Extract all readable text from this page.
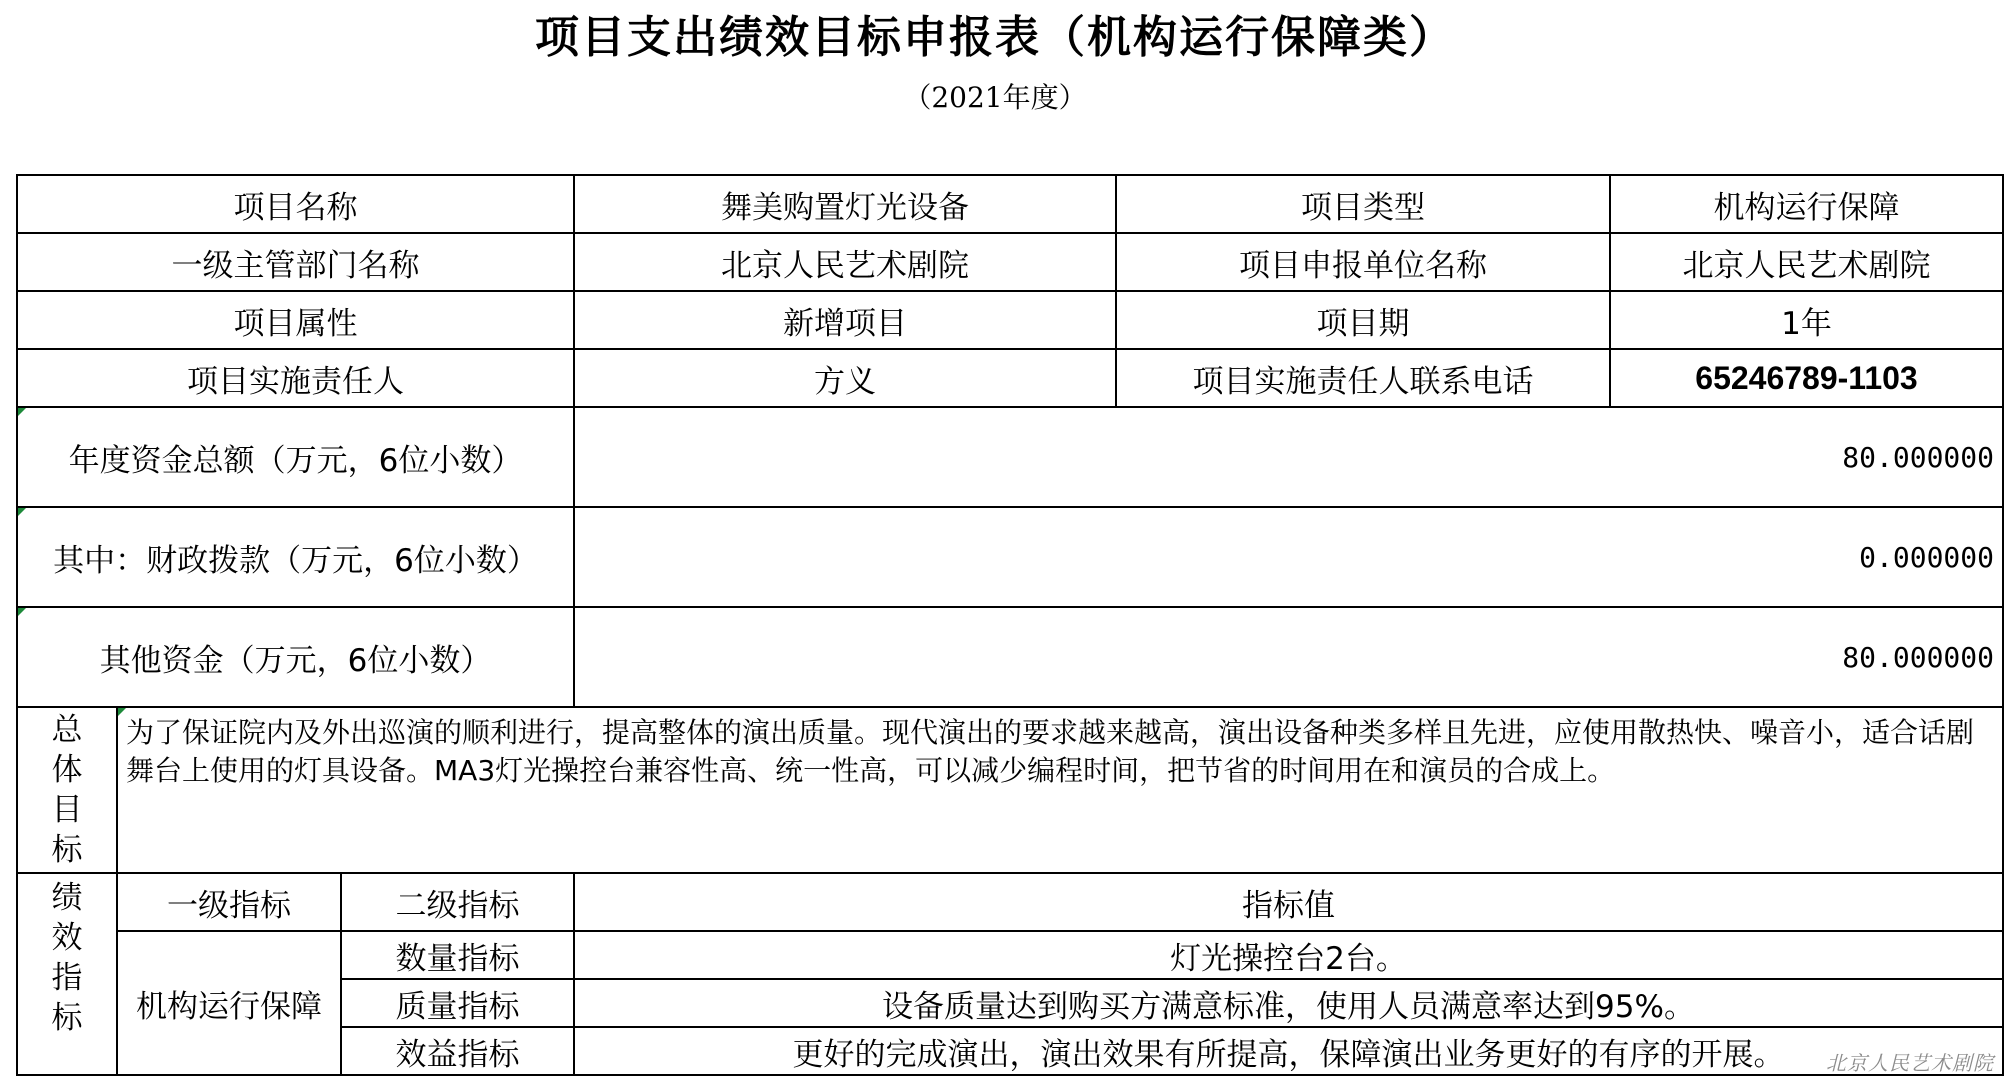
项目支出绩效目标申报表（机构运行保障类）
（2021年度）
项目名称			舞美购置灯光设备	项目类型	机构运行保障
一级主管部门名称			北京人民艺术剧院	项目申报单位名称	北京人民艺术剧院
项目属性			新增项目	项目期	1年
项目实施责任人			方义	项目实施责任人联系电话	65246789-1103

年度资金总额（万元，6位小数）			80.000000		

其中：财政拨款（万元，6位小数）			0.000000		

其他资金（万元，6位小数）			80.000000		

总
体
目
标	为了保证院内及外出巡演的顺利进行，提高整体的演出质量。现代演出的要求越来越高，演出设备种类多样且先进，应使用散热快、噪音小，适合话剧舞台上使用的灯具设备。MA3灯光操控台兼容性高、统一性高，可以减少编程时间，把节省的时间用在和演员的合成上。				

绩
效
指
标	一级指标	二级指标	指标值		
	机构运行保障	数量指标	灯光操控台2台。		
		质量指标	设备质量达到购买方满意标准，使用人员满意率达到95%。		
		效益指标	更好的完成演出，演出效果有所提高，保障演出业务更好的有序的开展。		北京人民艺术剧院
